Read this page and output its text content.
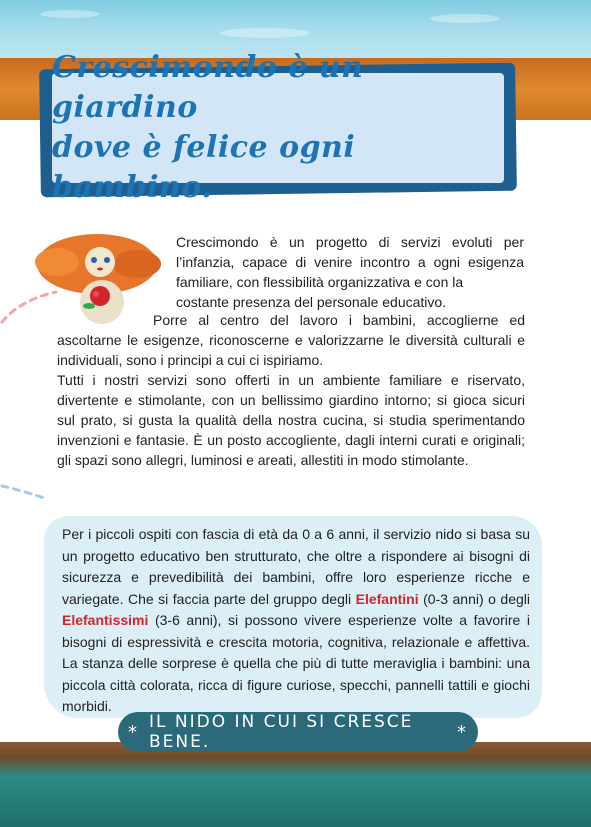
Crescimondo è un giardino
dove è felice ogni bambino.
Crescimondo è un progetto di servizi evoluti per l’infanzia, capace di venire incontro a ogni esigenza familiare, con flessibilità organizzativa e con la
costante presenza del personale educativo.
Porre al centro del lavoro i bambini, accoglierne ed ascoltarne le esigenze, riconoscerne e valorizzarne le diversità culturali e individuali, sono i principi a cui ci ispiriamo.
Tutti i nostri servizi sono offerti in un ambiente familiare e riservato, divertente e stimolante, con un bellissimo giardino intorno; si gioca sicuri sul prato, si gusta la qualità della nostra cucina, si studia sperimentando invenzioni e fantasie. È un posto accogliente, dagli interni curati e originali; gli spazi sono allegri, luminosi e areati, allestiti in modo stimolante.
Per i piccoli ospiti con fascia di età da 0 a 6 anni, il servizio nido si basa su un progetto educativo ben strutturato, che oltre a rispondere ai bisogni di sicurezza e prevedibilità dei bambini, offre loro esperienze ricche e variegate. Che si faccia parte del gruppo degli Elefantini (0-3 anni) o degli Elefantissimi (3-6 anni), si possono vivere esperienze volte a favorire i bisogni di espressività e crescita motoria, cognitiva, relazionale e affettiva. La stanza delle sorprese è quella che più di tutte meraviglia i bambini: una piccola città colorata, ricca di figure curiose, specchi, pannelli tattili e giochi morbidi.
* IL NIDO IN CUI SI CRESCE BENE.	*
